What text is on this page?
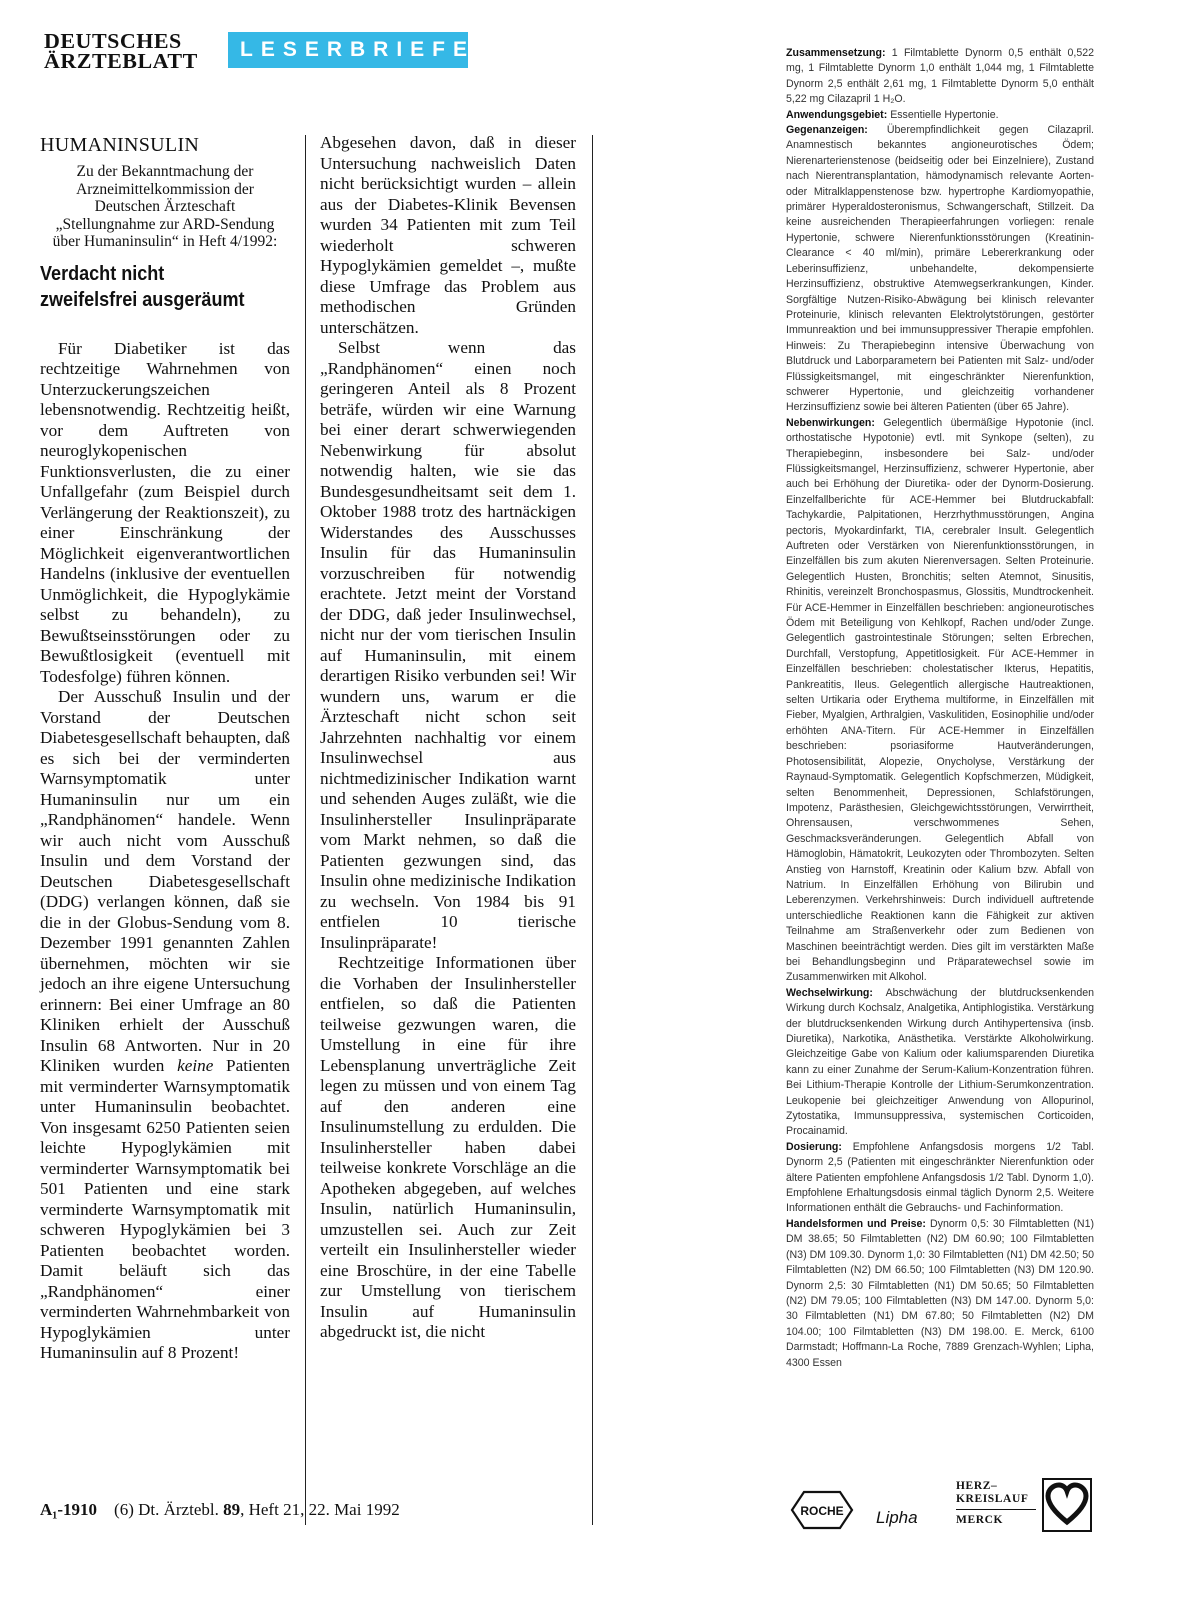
DEUTSCHES
ÄRZTEBLATT	LESERBRIEFE
HUMANINSULIN
Zu der Bekanntmachung der Arzneimittelkommission der Deutschen Ärzteschaft „Stellungnahme zur ARD-Sendung über Humaninsulin“ in Heft 4/1992:
Verdacht nicht
zweifelsfrei ausgeräumt

Für Diabetiker ist das rechtzeitige Wahrnehmen von Unterzuckerungszeichen lebensnotwendig. Rechtzeitig heißt, vor dem Auftreten von neuroglykopenischen Funktionsverlusten, die zu einer Unfallgefahr (zum Beispiel durch Verlängerung der Reaktionszeit), zu einer Einschränkung der Möglichkeit eigenverantwortlichen Handelns (inklusive der eventuellen Unmöglichkeit, die Hypoglykämie selbst zu behandeln), zu Bewußtseinsstörungen oder zu Bewußtlosigkeit (eventuell mit Todesfolge) führen können.

Der Ausschuß Insulin und der Vorstand der Deutschen Diabetesgesellschaft behaupten, daß es sich bei der verminderten Warnsymptomatik unter Humaninsulin nur um ein „Randphänomen“ handele. Wenn wir auch nicht vom Ausschuß Insulin und dem Vorstand der Deutschen Diabetesgesellschaft (DDG) verlangen können, daß sie die in der Globus-Sendung vom 8. Dezember 1991 genannten Zahlen übernehmen, möchten wir sie jedoch an ihre eigene Untersuchung erinnern: Bei einer Umfrage an 80 Kliniken erhielt der Ausschuß Insulin 68 Antworten. Nur in 20 Kliniken wurden keine Patienten mit verminderter Warnsymptomatik unter Humaninsulin beobachtet. Von insgesamt 6250 Patienten seien leichte Hypoglykämien mit verminderter Warnsymptomatik bei 501 Patienten und eine stark verminderte Warnsymptomatik mit schweren Hypoglykämien bei 3 Patienten beobachtet worden. Damit beläuft sich das „Randphänomen“ einer verminderten Wahrnehmbarkeit von Hypoglykämien unter Humaninsulin auf 8 Prozent!

Abgesehen davon, daß in dieser Untersuchung nachweislich Daten nicht berücksichtigt wurden – allein aus der Diabetes-Klinik Bevensen wurden 34 Patienten mit zum Teil wiederholt schweren Hypoglykämien gemeldet –, mußte diese Umfrage das Problem aus methodischen Gründen unterschätzen.

Selbst wenn das „Randphänomen“ einen noch geringeren Anteil als 8 Prozent beträfe, würden wir eine Warnung bei einer derart schwerwiegenden Nebenwirkung für absolut notwendig halten, wie sie das Bundesgesundheitsamt seit dem 1. Oktober 1988 trotz des hartnäckigen Widerstandes des Ausschusses Insulin für das Humaninsulin vorzuschreiben für notwendig erachtete. Jetzt meint der Vorstand der DDG, daß jeder Insulinwechsel, nicht nur der vom tierischen Insulin auf Humaninsulin, mit einem derartigen Risiko verbunden sei! Wir wundern uns, warum er die Ärzteschaft nicht schon seit Jahrzehnten nachhaltig vor einem Insulinwechsel aus nichtmedizinischer Indikation warnt und sehenden Auges zuläßt, wie die Insulinhersteller Insulinpräparate vom Markt nehmen, so daß die Patienten gezwungen sind, das Insulin ohne medizinische Indikation zu wechseln. Von 1984 bis 91 entfielen 10 tierische Insulinpräparate!

Rechtzeitige Informationen über die Vorhaben der Insulinhersteller entfielen, so daß die Patienten teilweise gezwungen waren, die Umstellung in eine für ihre Lebensplanung unverträgliche Zeit legen zu müssen und von einem Tag auf den anderen eine Insulinumstellung zu erdulden. Die Insulinhersteller haben dabei teilweise konkrete Vorschläge an die Apotheken abgegeben, auf welches Insulin, natürlich Humaninsulin, umzustellen sei. Auch zur Zeit verteilt ein Insulinhersteller wieder eine Broschüre, in der eine Tabelle zur Umstellung von tierischem Insulin auf Humaninsulin abgedruckt ist, die nicht

Zusammensetzung: 1 Filmtablette Dynorm 0,5 enthält 0,522 mg, 1 Filmtablette Dynorm 1,0 enthält 1,044 mg, 1 Filmtablette Dynorm 2,5 enthält 2,61 mg, 1 Filmtablette Dynorm 5,0 enthält 5,22 mg Cilazapril 1 H₂O.

Anwendungsgebiet: Essentielle Hypertonie.

Gegenanzeigen: Überempfindlichkeit gegen Cilazapril. Anamnestisch bekanntes angioneurotisches Ödem; Nierenarterienstenose (beidseitig oder bei Einzelniere), Zustand nach Nierentransplantation, hämodynamisch relevante Aorten- oder Mitralklappenstenose bzw. hypertrophe Kardiomyopathie, primärer Hyperaldosteronismus, Schwangerschaft, Stillzeit. Da keine ausreichenden Therapieerfahrungen vorliegen: renale Hypertonie, schwere Nierenfunktionsstörungen (Kreatinin-Clearance < 40 ml/min), primäre Lebererkrankung oder Leberinsuffizienz, unbehandelte, dekompensierte Herzinsuffizienz, obstruktive Atemwegserkrankungen, Kinder. Sorgfältige Nutzen-Risiko-Abwägung bei klinisch relevanter Proteinurie, klinisch relevanten Elektrolytstörungen, gestörter Immunreaktion und bei immunsuppressiver Therapie empfohlen. Hinweis: Zu Therapiebeginn intensive Überwachung von Blutdruck und Laborparametern bei Patienten mit Salz- und/oder Flüssigkeitsmangel, mit eingeschränkter Nierenfunktion, schwerer Hypertonie, und gleichzeitig vorhandener Herzinsuffizienz sowie bei älteren Patienten (über 65 Jahre).

Nebenwirkungen: Gelegentlich übermäßige Hypotonie (incl. orthostatische Hypotonie) evtl. mit Synkope (selten), zu Therapiebeginn, insbesondere bei Salz- und/oder Flüssigkeitsmangel, Herzinsuffizienz, schwerer Hypertonie, aber auch bei Erhöhung der Diuretika- oder der Dynorm-Dosierung. Einzelfallberichte für ACE-Hemmer bei Blutdruckabfall: Tachykardie, Palpitationen, Herzrhythmusstörungen, Angina pectoris, Myokardinfarkt, TIA, cerebraler Insult. Gelegentlich Auftreten oder Verstärken von Nierenfunktionsstörungen, in Einzelfällen bis zum akuten Nierenversagen. Selten Proteinurie. Gelegentlich Husten, Bronchitis; selten Atemnot, Sinusitis, Rhinitis, vereinzelt Bronchospasmus, Glossitis, Mundtrockenheit. Für ACE-Hemmer in Einzelfällen beschrieben: angioneurotisches Ödem mit Beteiligung von Kehlkopf, Rachen und/oder Zunge. Gelegentlich gastrointestinale Störungen; selten Erbrechen, Durchfall, Verstopfung, Appetitlosigkeit. Für ACE-Hemmer in Einzelfällen beschrieben: cholestatischer Ikterus, Hepatitis, Pankreatitis, Ileus. Gelegentlich allergische Hautreaktionen, selten Urtikaria oder Erythema multiforme, in Einzelfällen mit Fieber, Myalgien, Arthralgien, Vaskulitiden, Eosinophilie und/oder erhöhten ANA-Titern. Für ACE-Hemmer in Einzelfällen beschrieben: psoriasiforme Hautveränderungen, Photosensibilität, Alopezie, Onycholyse, Verstärkung der Raynaud-Symptomatik. Gelegentlich Kopfschmerzen, Müdigkeit, selten Benommenheit, Depressionen, Schlafstörungen, Impotenz, Parästhesien, Gleichgewichtsstörungen, Verwirrtheit, Ohrensausen, verschwommenes Sehen, Geschmacksveränderungen. Gelegentlich Abfall von Hämoglobin, Hämatokrit, Leukozyten oder Thrombozyten. Selten Anstieg von Harnstoff, Kreatinin oder Kalium bzw. Abfall von Natrium. In Einzelfällen Erhöhung von Bilirubin und Leberenzymen. Verkehrshinweis: Durch individuell auftretende unterschiedliche Reaktionen kann die Fähigkeit zur aktiven Teilnahme am Straßenverkehr oder zum Bedienen von Maschinen beeinträchtigt werden. Dies gilt im verstärkten Maße bei Behandlungsbeginn und Präparatewechsel sowie im Zusammenwirken mit Alkohol.

Wechselwirkung: Abschwächung der blutdrucksenkenden Wirkung durch Kochsalz, Analgetika, Antiphlogistika. Verstärkung der blutdrucksenkenden Wirkung durch Antihypertensiva (insb. Diuretika), Narkotika, Anästhetika. Verstärkte Alkoholwirkung. Gleichzeitige Gabe von Kalium oder kaliumsparenden Diuretika kann zu einer Zunahme der Serum-Kalium-Konzentration führen. Bei Lithium-Therapie Kontrolle der Lithium-Serumkonzentration. Leukopenie bei gleichzeitiger Anwendung von Allopurinol, Zytostatika, Immunsuppressiva, systemischen Corticoiden, Procainamid.

Dosierung: Empfohlene Anfangsdosis morgens 1/2 Tabl. Dynorm 2,5 (Patienten mit eingeschränkter Nierenfunktion oder ältere Patienten empfohlene Anfangsdosis 1/2 Tabl. Dynorm 1,0). Empfohlene Erhaltungsdosis einmal täglich Dynorm 2,5. Weitere Informationen enthält die Gebrauchs- und Fachinformation.

Handelsformen und Preise: Dynorm 0,5: 30 Filmtabletten (N1) DM 38.65; 50 Filmtabletten (N2) DM 60.90; 100 Filmtabletten (N3) DM 109.30. Dynorm 1,0: 30 Filmtabletten (N1) DM 42.50; 50 Filmtabletten (N2) DM 66.50; 100 Filmtabletten (N3) DM 120.90. Dynorm 2,5: 30 Filmtabletten (N1) DM 50.65; 50 Filmtabletten (N2) DM 79.05; 100 Filmtabletten (N3) DM 147.00. Dynorm 5,0: 30 Filmtabletten (N1) DM 67.80; 50 Filmtabletten (N2) DM 104.00; 100 Filmtabletten (N3) DM 198.00. E. Merck, 6100 Darmstadt; Hoffmann-La Roche, 7889 Grenzach-Wyhlen; Lipha, 4300 Essen

A₁-1910 (6) Dt. Ärztebl. 89, Heft 21, 22. Mai 1992	ROCHE Lipha
HERZ–

KREISLAUF
MERCK
